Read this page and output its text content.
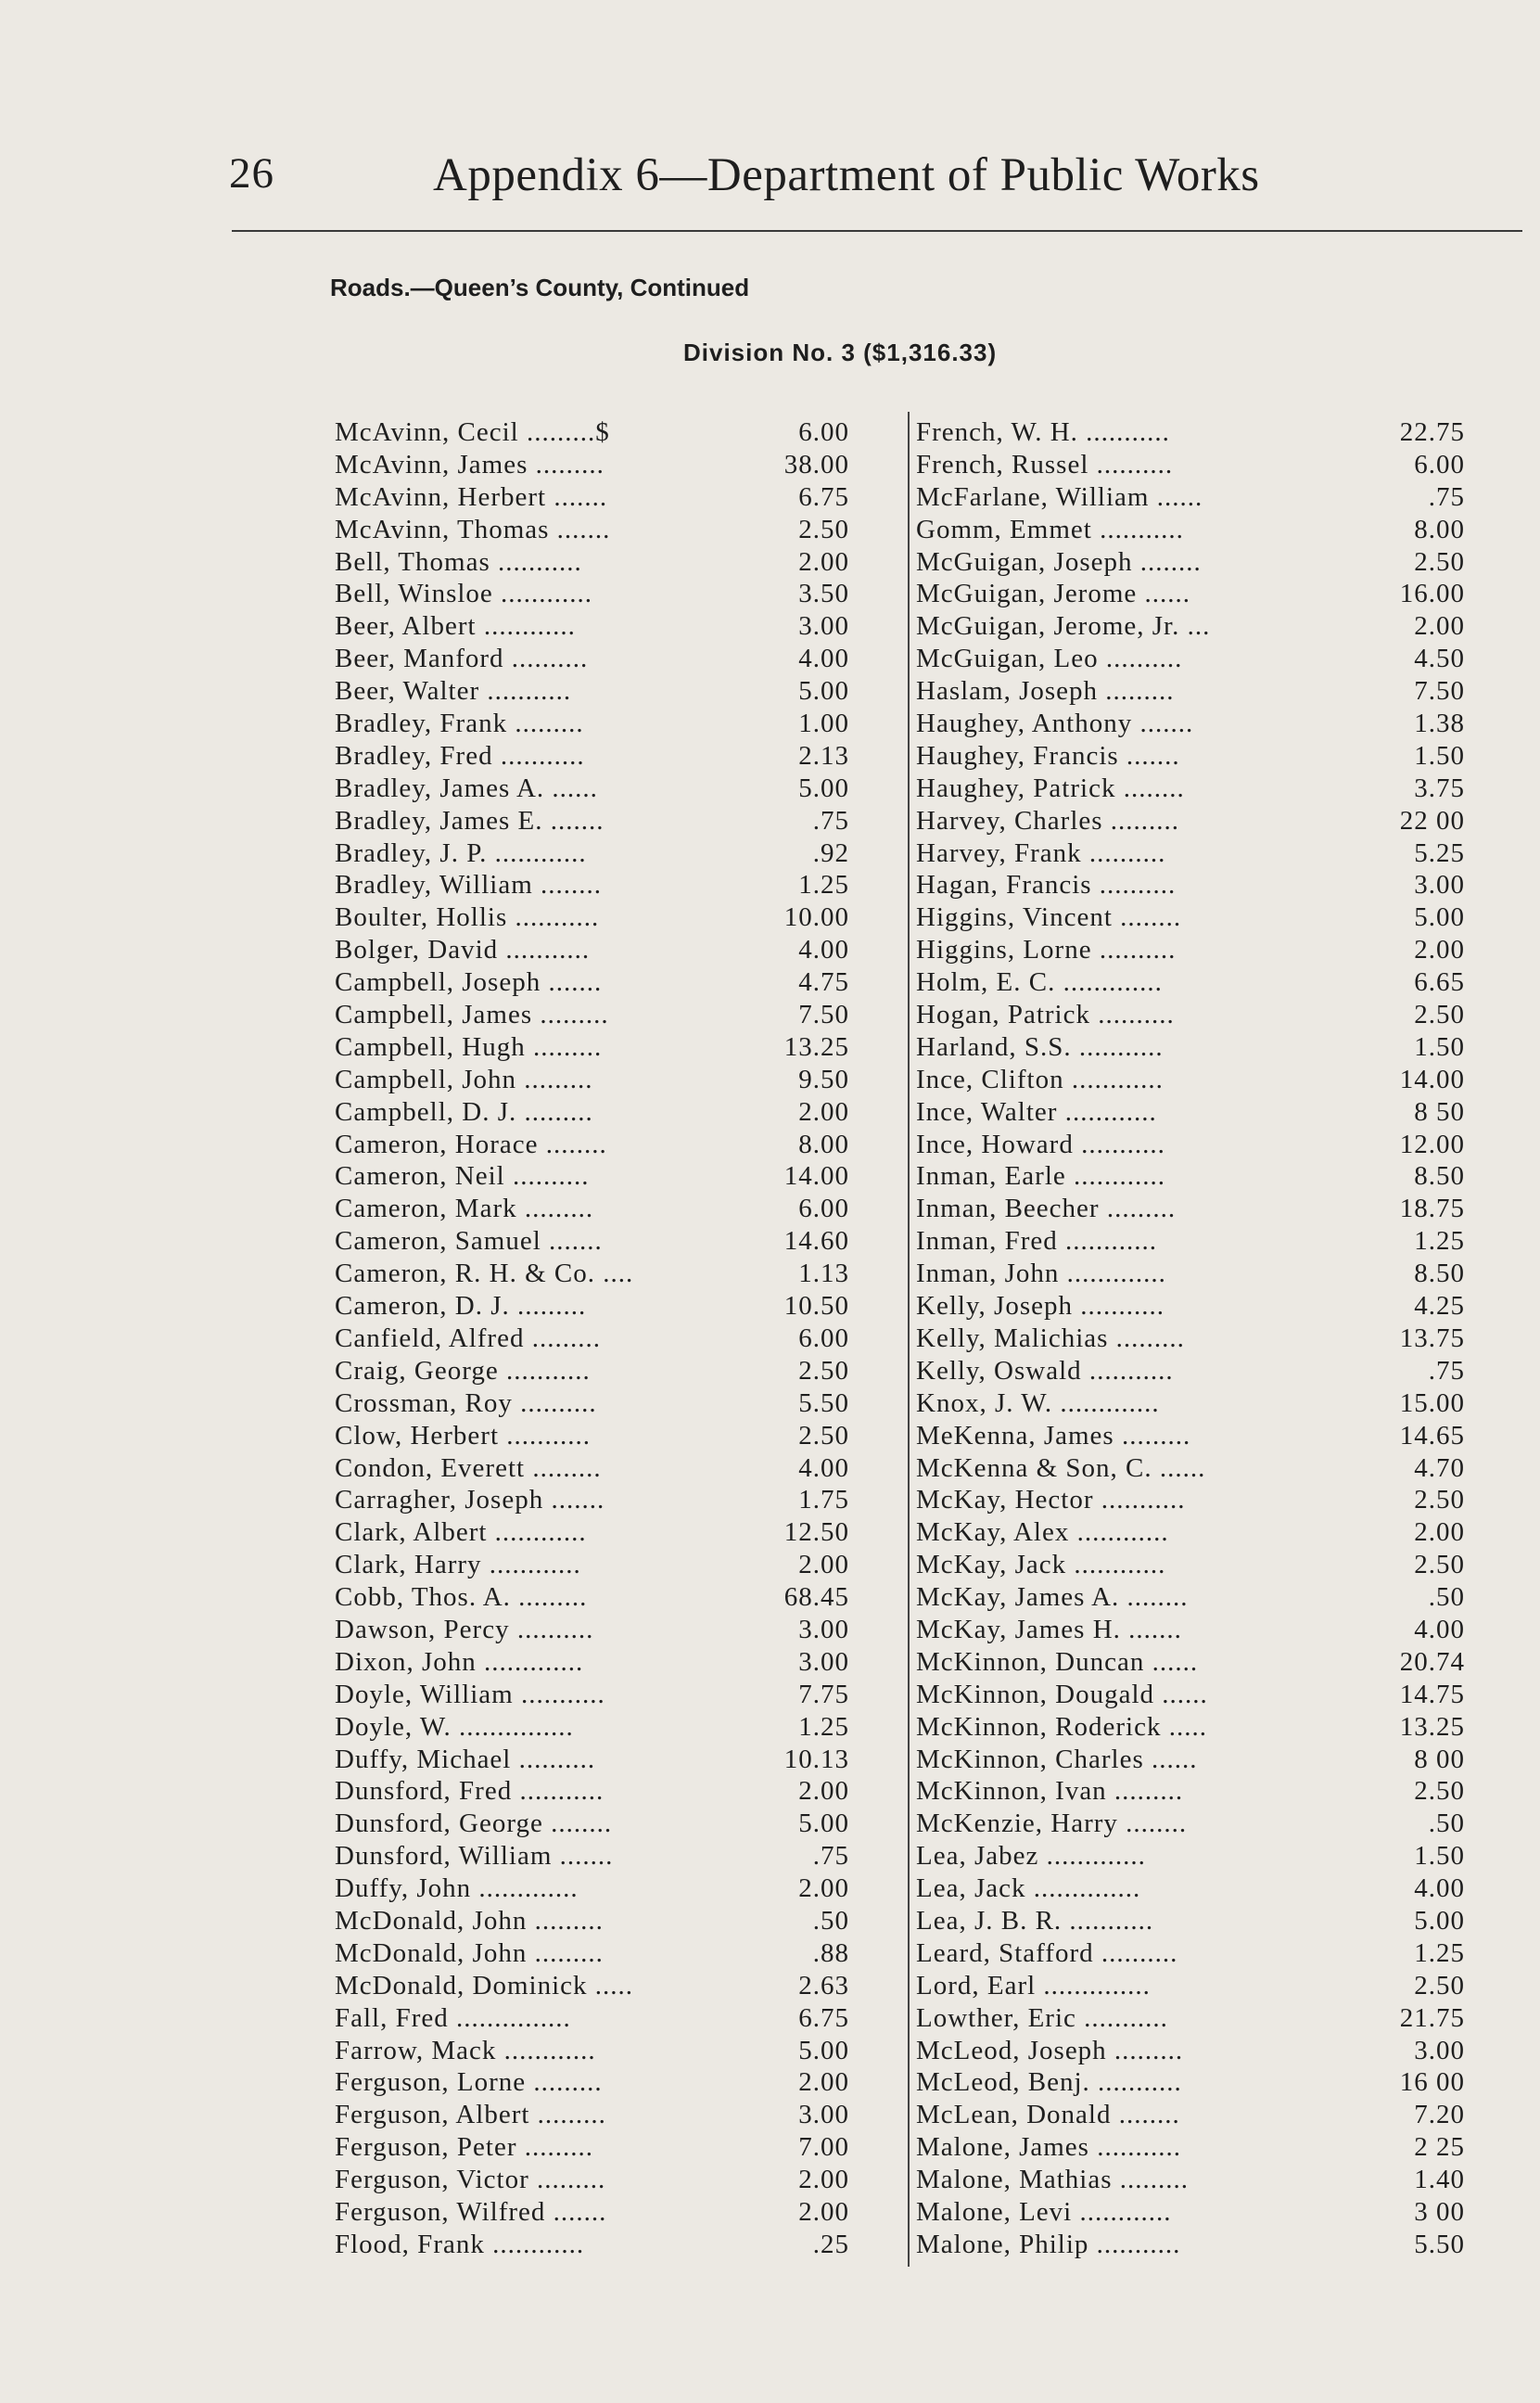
26	Appendix 6—Department of Public Works
Roads.—Queen’s County, Continued
Division No. 3 ($1,316.33)
McAvinn, Cecil .........$	6.00
McAvinn, James .........	38.00
McAvinn, Herbert .......	6.75
McAvinn, Thomas .......	2.50
Bell, Thomas ...........	2.00
Bell, Winsloe ............	3.50
Beer, Albert ............	3.00
Beer, Manford ..........	4.00
Beer, Walter ...........	5.00
Bradley, Frank .........	1.00
Bradley, Fred ...........	2.13
Bradley, James A. ......	5.00
Bradley, James E. .......	.75
Bradley, J. P. ............	.92
Bradley, William ........	1.25
Boulter, Hollis ...........	10.00
Bolger, David ...........	4.00
Campbell, Joseph .......	4.75
Campbell, James .........	7.50
Campbell, Hugh .........	13.25
Campbell, John .........	9.50
Campbell, D. J. .........	2.00
Cameron, Horace ........	8.00
Cameron, Neil ..........	14.00
Cameron, Mark .........	6.00
Cameron, Samuel .......	14.60
Cameron, R. H. & Co. ....	1.13
Cameron, D. J. .........	10.50
Canfield, Alfred .........	6.00
Craig, George ...........	2.50
Crossman, Roy ..........	5.50
Clow, Herbert ...........	2.50
Condon, Everett .........	4.00
Carragher, Joseph .......	1.75
Clark, Albert ............	12.50
Clark, Harry ............	2.00
Cobb, Thos. A. .........	68.45
Dawson, Percy ..........	3.00
Dixon, John .............	3.00
Doyle, William ...........	7.75
Doyle, W. ...............	1.25
Duffy, Michael ..........	10.13
Dunsford, Fred ...........	2.00
Dunsford, George ........	5.00
Dunsford, William .......	.75
Duffy, John .............	2.00
McDonald, John .........	.50
McDonald, John .........	.88
McDonald, Dominick .....	2.63
Fall, Fred ...............	6.75
Farrow, Mack ............	5.00
Ferguson, Lorne .........	2.00
Ferguson, Albert .........	3.00
Ferguson, Peter .........	7.00
Ferguson, Victor .........	2.00
Ferguson, Wilfred .......	2.00
Flood, Frank ............	.25
French, W. H. ...........	22.75
French, Russel ..........	6.00
McFarlane, William ......	.75
Gomm, Emmet ...........	8.00
McGuigan, Joseph ........	2.50
McGuigan, Jerome ......	16.00
McGuigan, Jerome, Jr. ...	2.00
McGuigan, Leo ..........	4.50
Haslam, Joseph .........	7.50
Haughey, Anthony .......	1.38
Haughey, Francis .......	1.50
Haughey, Patrick ........	3.75
Harvey, Charles .........	22 00
Harvey, Frank ..........	5.25
Hagan, Francis ..........	3.00
Higgins, Vincent ........	5.00
Higgins, Lorne ..........	2.00
Holm, E. C. .............	6.65
Hogan, Patrick ..........	2.50
Harland, S.S. ...........	1.50
Ince, Clifton ............	14.00
Ince, Walter ............	8 50
Ince, Howard ...........	12.00
Inman, Earle ............	8.50
Inman, Beecher .........	18.75
Inman, Fred ............	1.25
Inman, John .............	8.50
Kelly, Joseph ...........	4.25
Kelly, Malichias .........	13.75
Kelly, Oswald ...........	.75
Knox, J. W. .............	15.00
MeKenna, James .........	14.65
McKenna & Son, C. ......	4.70
McKay, Hector ...........	2.50
McKay, Alex ............	2.00
McKay, Jack ............	2.50
McKay, James A. ........	.50
McKay, James H. .......	4.00
McKinnon, Duncan ......	20.74
McKinnon, Dougald ......	14.75
McKinnon, Roderick .....	13.25
McKinnon, Charles ......	8 00
McKinnon, Ivan .........	2.50
McKenzie, Harry ........	.50
Lea, Jabez .............	1.50
Lea, Jack ..............	4.00
Lea, J. B. R. ...........	5.00
Leard, Stafford ..........	1.25
Lord, Earl ..............	2.50
Lowther, Eric ...........	21.75
McLeod, Joseph .........	3.00
McLeod, Benj. ...........	16 00
McLean, Donald ........	7.20
Malone, James ...........	2 25
Malone, Mathias .........	1.40
Malone, Levi ............	3 00
Malone, Philip ...........	5.50
